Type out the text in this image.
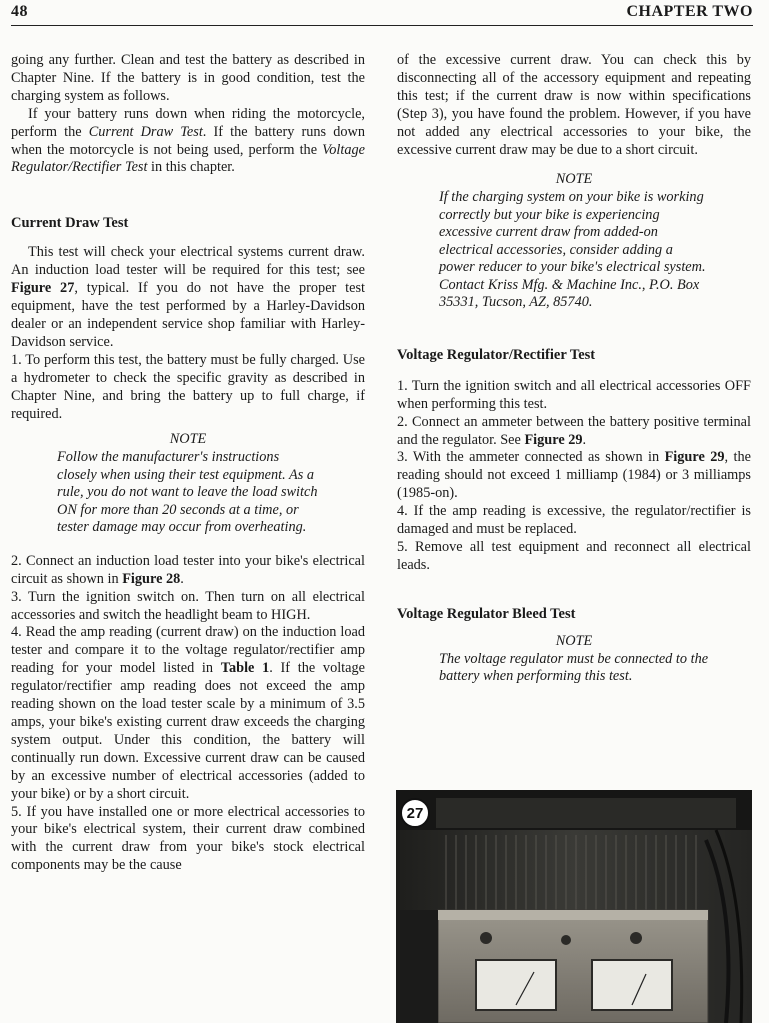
48	CHAPTER TWO

going any further. Clean and test the battery as described in Chapter Nine. If the battery is in good condition, test the charging system as follows.

If your battery runs down when riding the motorcycle, perform the Current Draw Test. If the battery runs down when the motorcycle is not being used, perform the Voltage Regulator/Rectifier Test in this chapter.

Current Draw Test

This test will check your electrical systems current draw. An induction load tester will be required for this test; see Figure 27, typical. If you do not have the proper test equipment, have the test performed by a Harley-Davidson dealer or an independent service shop familiar with Harley-Davidson service.

1. To perform this test, the battery must be fully charged. Use a hydrometer to check the specific gravity as described in Chapter Nine, and bring the battery up to full charge, if required.

NOTE

Follow the manufacturer's instructions closely when using their test equipment. As a rule, you do not want to leave the load switch ON for more than 20 seconds at a time, or tester damage may occur from overheating.

2. Connect an induction load tester into your bike's electrical circuit as shown in Figure 28.

3. Turn the ignition switch on. Then turn on all electrical accessories and switch the headlight beam to HIGH.

4. Read the amp reading (current draw) on the induction load tester and compare it to the voltage regulator/rectifier amp reading for your model listed in Table 1. If the voltage regulator/rectifier amp reading does not exceed the amp reading shown on the load tester scale by a minimum of 3.5 amps, your bike's existing current draw exceeds the charging system output. Under this condition, the battery will continually run down. Excessive current draw can be caused by an excessive number of electrical accessories (added to your bike) or by a short circuit.

5. If you have installed one or more electrical accessories to your bike's electrical system, their current draw combined with the current draw from your bike's stock electrical components may be the cause

of the excessive current draw. You can check this by disconnecting all of the accessory equipment and repeating this test; if the current draw is now within specifications (Step 3), you have found the problem. However, if you have not added any electrical accessories to your bike, the excessive current draw may be due to a short circuit.

NOTE

If the charging system on your bike is working correctly but your bike is experiencing excessive current draw from added-on electrical accessories, consider adding a power reducer to your bike's electrical system. Contact Kriss Mfg. & Machine Inc., P.O. Box 35331, Tucson, AZ, 85740.

Voltage Regulator/Rectifier Test

1. Turn the ignition switch and all electrical accessories OFF when performing this test.

2. Connect an ammeter between the battery positive terminal and the regulator. See Figure 29.

3. With the ammeter connected as shown in Figure 29, the reading should not exceed 1 milliamp (1984) or 3 milliamps (1985-on).

4. If the amp reading is excessive, the regulator/rectifier is damaged and must be replaced.

5. Remove all test equipment and reconnect all electrical leads.

Voltage Regulator Bleed Test

NOTE

The voltage regulator must be connected to the battery when performing this test.

27
